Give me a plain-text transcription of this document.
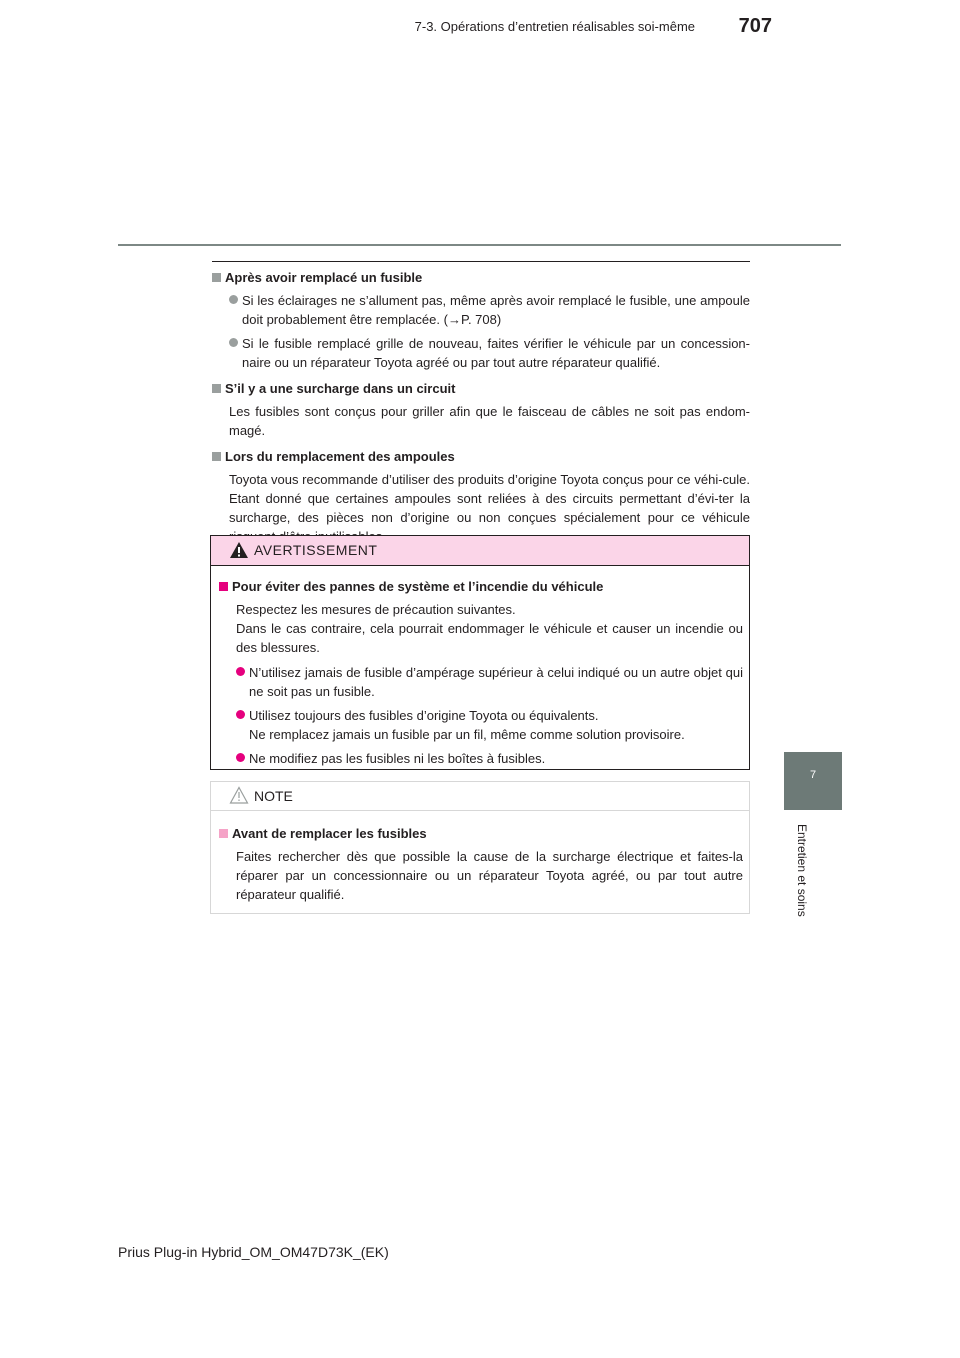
7-3. Opérations d’entretien réalisables soi-même 707
7
Entretien et soins
Après avoir remplacé un fusible
Si les éclairages ne s’allument pas, même après avoir remplacé le fusible, une ampoule doit probablement être remplacée. (→P. 708)
Si le fusible remplacé grille de nouveau, faites vérifier le véhicule par un concession-naire ou un réparateur Toyota agréé ou par tout autre réparateur qualifié.
S’il y a une surcharge dans un circuit
Les fusibles sont conçus pour griller afin que le faisceau de câbles ne soit pas endom-magé.
Lors du remplacement des ampoules
Toyota vous recommande d’utiliser des produits d’origine Toyota conçus pour ce véhi-cule. Etant donné que certaines ampoules sont reliées à des circuits permettant d’évi-ter la surcharge, des pièces non d’origine ou non conçues spécialement pour ce véhicule
AVERTISSEMENT
Pour éviter des pannes de système et l’incendie du véhicule
Respectez les mesures de précaution suivantes.
Dans le cas contraire, cela pourrait endommager le véhicule et causer un incendie ou des blessures.
N’utilisez jamais de fusible d’ampérage supérieur à celui indiqué ou un autre objet qui ne soit pas un fusible.
Utilisez toujours des fusibles d’origine Toyota ou équivalents.
Ne remplacez jamais un fusible par un fil, même comme solution provisoire.
Ne modifiez pas les fusibles ni les boîtes à fusibles.
NOTE
Avant de remplacer les fusibles
Faites rechercher dès que possible la cause de la surcharge électrique et faites-la réparer par un concessionnaire ou un réparateur Toyota agréé, ou par tout autre réparateur qualifié.
Prius Plug-in Hybrid_OM_OM47D73K_(EK)
